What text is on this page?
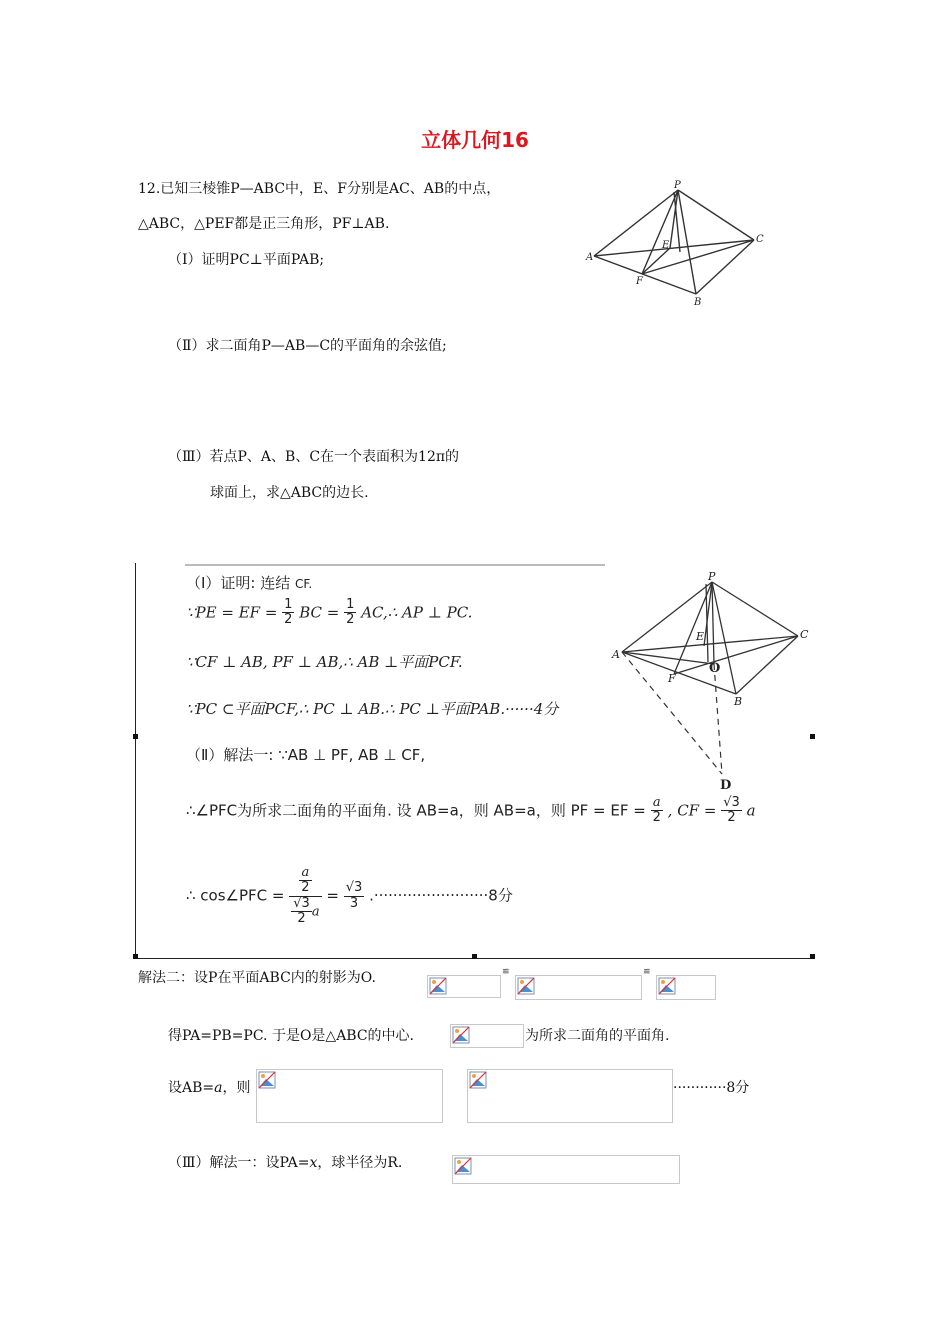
立体几何16
12.已知三棱锥P—ABC中，E、F分别是AC、AB的中点，
△ABC，△PEF都是正三角形，PF⊥AB.
（Ⅰ）证明PC⊥平面PAB;
（Ⅱ）求二面角P—AB—C的平面角的余弦值;
（Ⅲ）若点P、A、B、C在一个表面积为12π的
球面上，求△ABC的边长.
P
A
B
C
E
F
（Ⅰ）证明: 连结 CF.
∵PE = EF = $\frac{1}{2}$ BC = $\frac{1}{2}$ AC,∴ AP ⊥ PC.
∵CF ⊥ AB, PF ⊥ AB,∴ AB ⊥平面PCF.
∵PC ⊂平面PCF,∴ PC ⊥ AB.∴ PC ⊥平面PAB.······4分
（Ⅱ）解法一: ∵AB ⊥ PF, AB ⊥ CF,
∴∠PFC为所求二面角的平面角. 设 AB=a，则 AB=a，则 PF = EF = $\frac{a}{2}$ , CF = $\frac{√3}{2}$ a
∴ cos∠PFC = $\frac{\frac{a}{2}}{\frac{√3}{2} a} = \frac{√3}{3} .\cdot\cdot\cdot\cdot\cdot\cdot\cdot\cdot\cdot\cdot\cdot\cdot\cdot\cdot\cdot\cdot\cdot\cdot\cdot\cdot\cdot\cdot\cdot\cdot 8$分
P
A
B
C
E
F
O
D
解法二：设P在平面ABC内的射影为O.	≌	≌
得PA=PB=PC. 于是O是△ABC的中心.	为所求二面角的平面角.
设AB=a，则	············8分
（Ⅲ）解法一：设PA=x，球半径为R.
